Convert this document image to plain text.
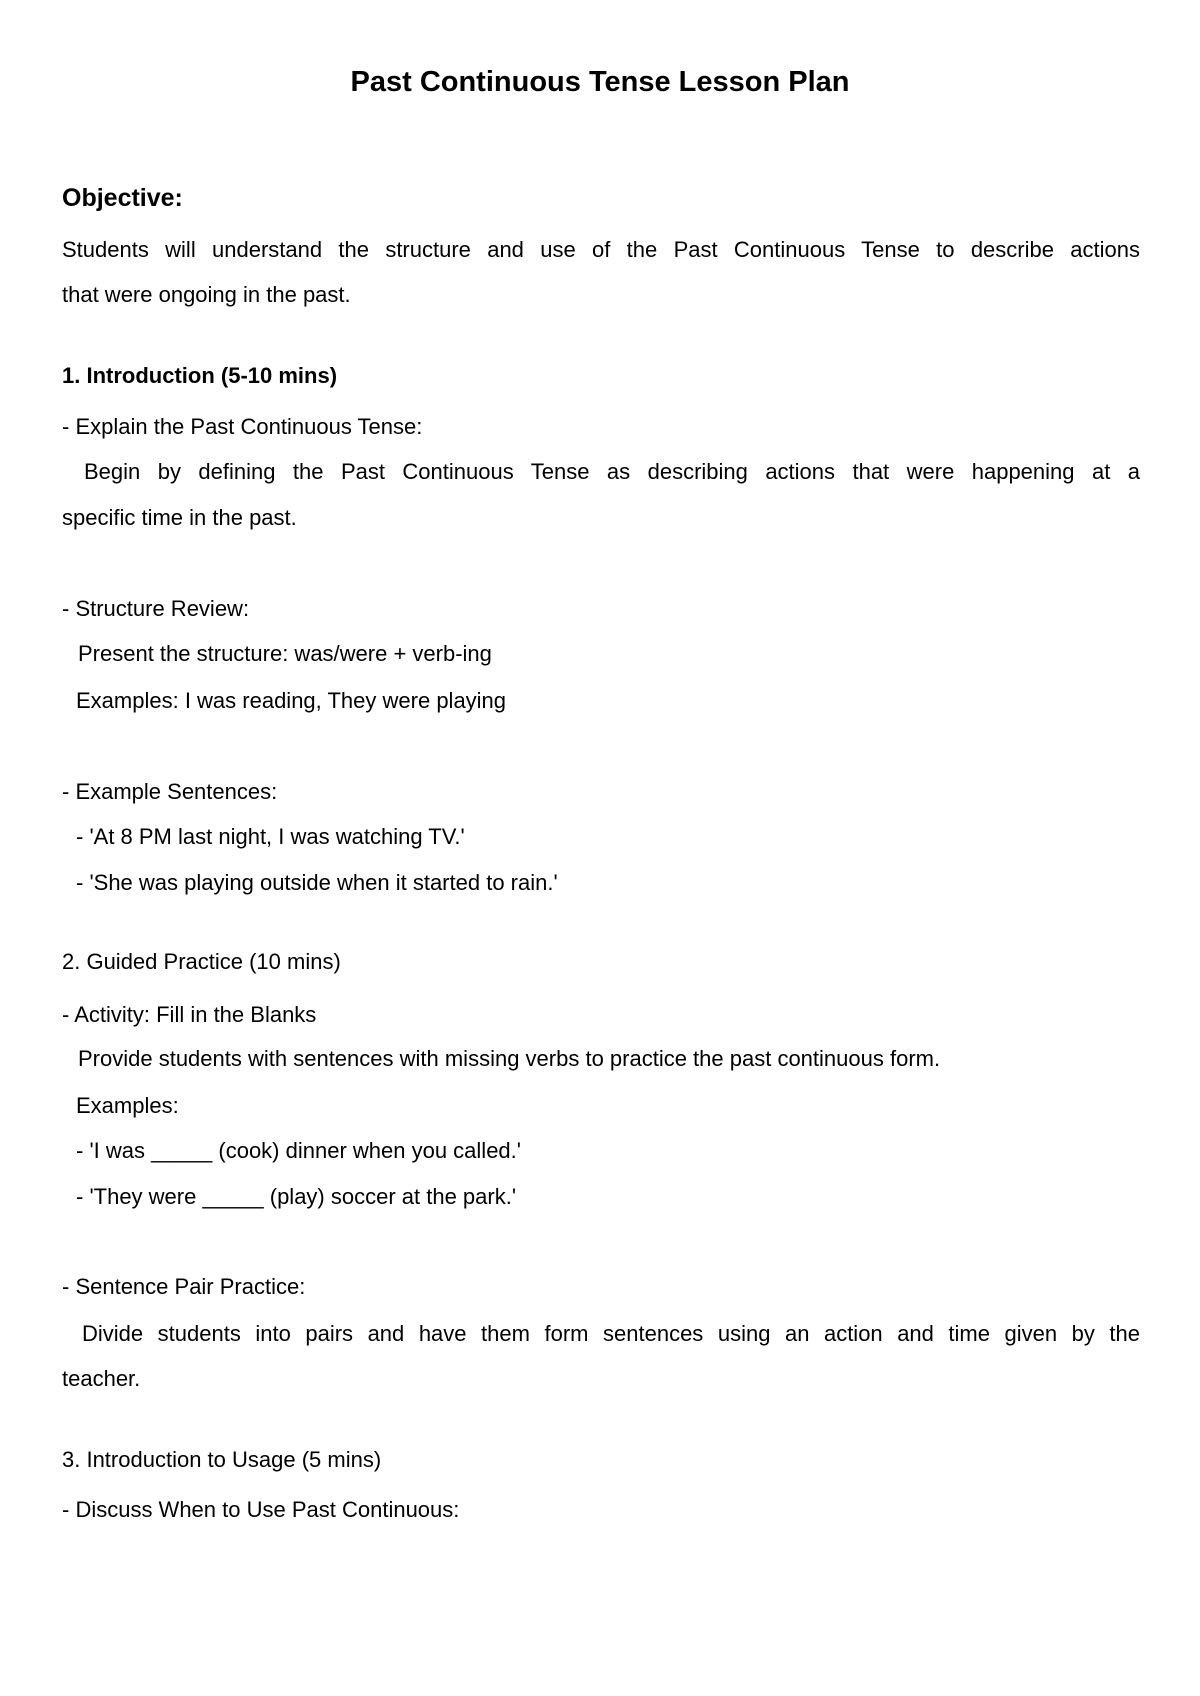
Past Continuous Tense Lesson Plan
Objective:
Students will understand the structure and use of the Past Continuous Tense to describe actions
that were ongoing in the past.
1. Introduction (5-10 mins)
- Explain the Past Continuous Tense:
Begin by defining the Past Continuous Tense as describing actions that were happening at a
specific time in the past.
- Structure Review:
Present the structure: was/were + verb-ing
Examples: I was reading, They were playing
- Example Sentences:
- 'At 8 PM last night, I was watching TV.'
- 'She was playing outside when it started to rain.'
2. Guided Practice (10 mins)
- Activity: Fill in the Blanks
Provide students with sentences with missing verbs to practice the past continuous form.
Examples:
- 'I was _____ (cook) dinner when you called.'
- 'They were _____ (play) soccer at the park.'
- Sentence Pair Practice:
Divide students into pairs and have them form sentences using an action and time given by the
teacher.
3. Introduction to Usage (5 mins)
- Discuss When to Use Past Continuous:
